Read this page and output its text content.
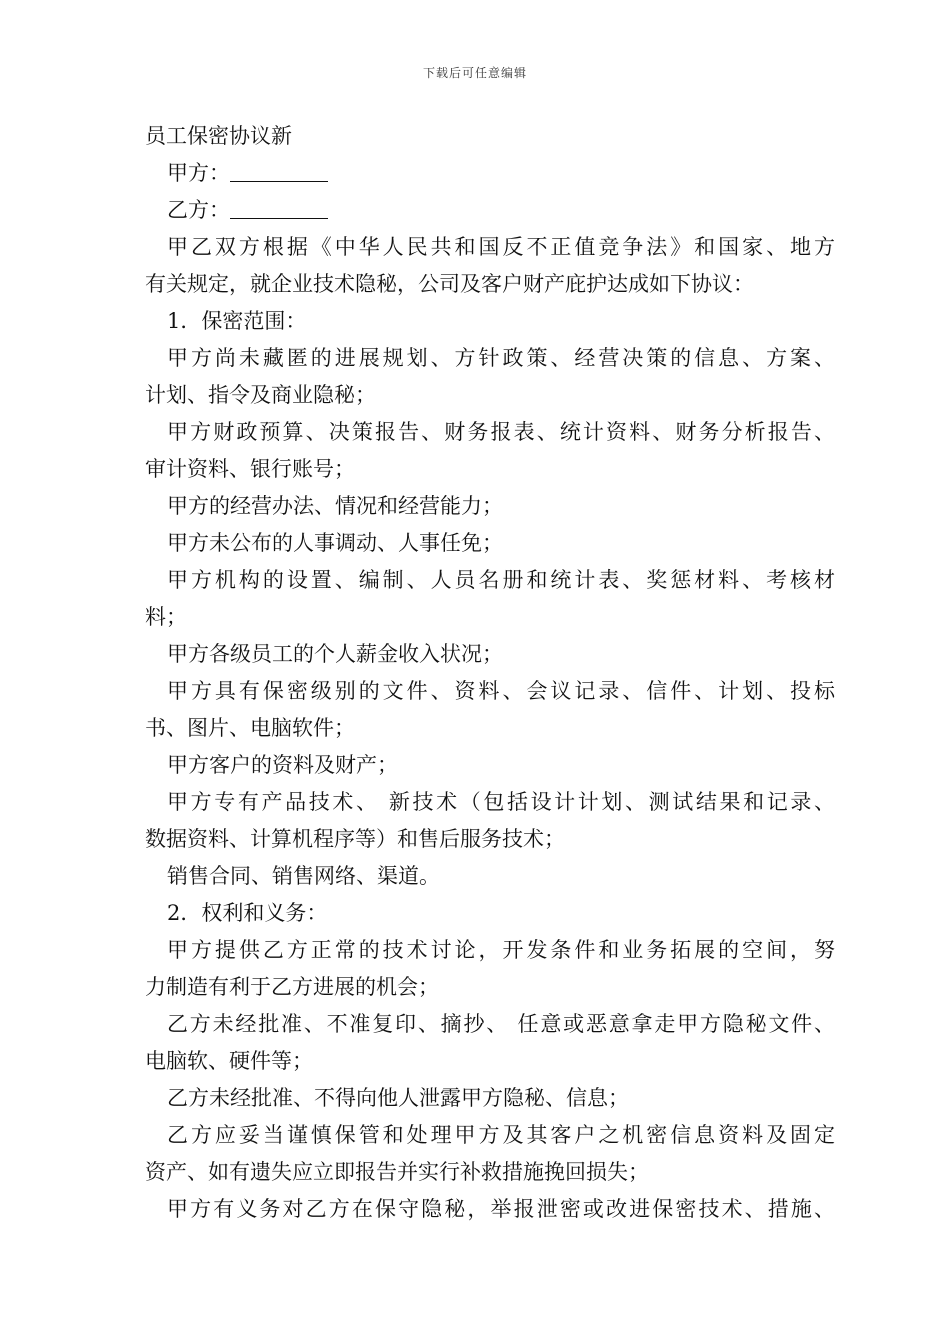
下载后可任意编辑
员工保密协议新
甲方：
乙方：
甲乙双方根据《中华人民共和国反不正值竞争法》和国家、地方
有关规定，就企业技术隐秘，公司及客户财产庇护达成如下协议：
1．保密范围：
甲方尚未藏匿的进展规划、方针政策、经营决策的信息、方案、
计划、指令及商业隐秘；
甲方财政预算、决策报告、财务报表、统计资料、财务分析报告、
审计资料、银行账号；
甲方的经营办法、情况和经营能力；
甲方未公布的人事调动、人事任免；
甲方机构的设置、编制、人员名册和统计表、奖惩材料、考核材
料；
甲方各级员工的个人薪金收入状况；
甲方具有保密级别的文件、资料、会议记录、信件、计划、投标
书、图片、电脑软件；
甲方客户的资料及财产；
甲方专有产品技术、 新技术（包括设计计划、测试结果和记录、
数据资料、计算机程序等）和售后服务技术；
销售合同、销售网络、渠道。
2．权利和义务：
甲方提供乙方正常的技术讨论，开发条件和业务拓展的空间，努
力制造有利于乙方进展的机会；
乙方未经批准、不准复印、摘抄、 任意或恶意拿走甲方隐秘文件、
电脑软、硬件等；
乙方未经批准、不得向他人泄露甲方隐秘、信息；
乙方应妥当谨慎保管和处理甲方及其客户之机密信息资料及固定
资产、如有遗失应立即报告并实行补救措施挽回损失；
甲方有义务对乙方在保守隐秘，举报泄密或改进保密技术、措施、
